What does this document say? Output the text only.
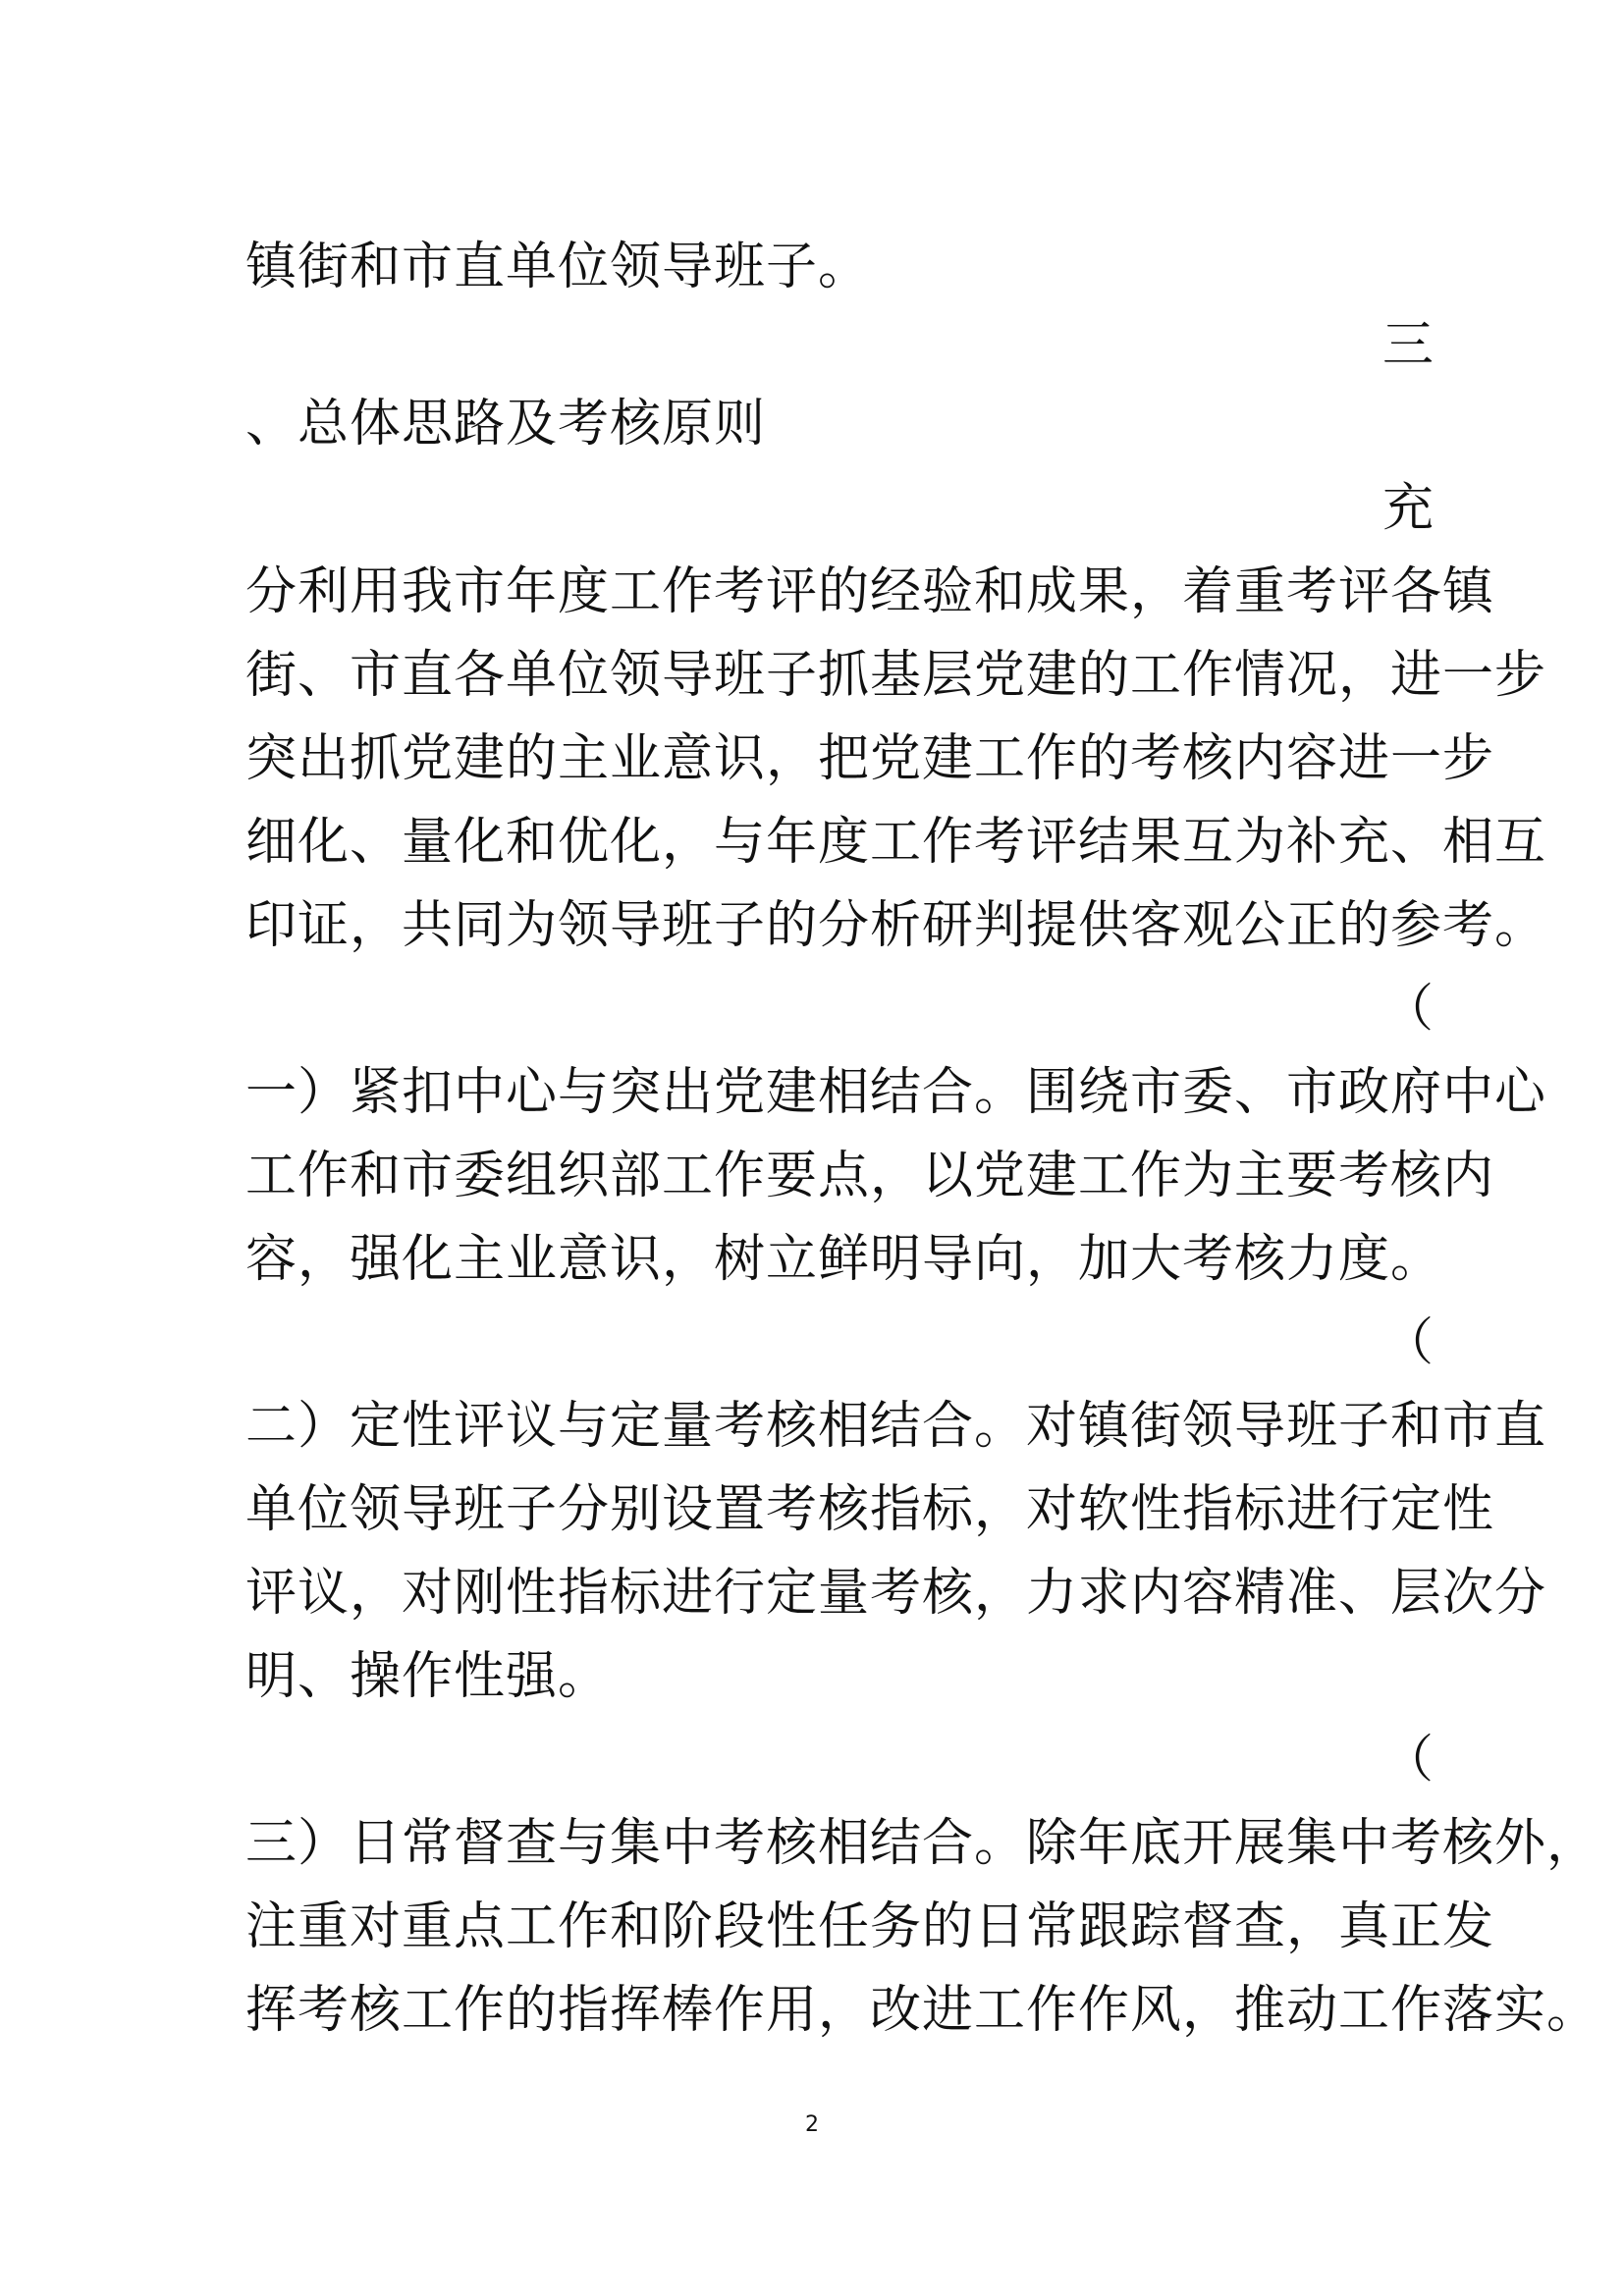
镇街和市直单位领导班子。
三
、总体思路及考核原则
充
分利用我市年度工作考评的经验和成果，着重考评各镇
街、市直各单位领导班子抓基层党建的工作情况，进一步
突出抓党建的主业意识，把党建工作的考核内容进一步
细化、量化和优化，与年度工作考评结果互为补充、相互
印证，共同为领导班子的分析研判提供客观公正的参考。
（
一）紧扣中心与突出党建相结合。围绕市委、市政府中心
工作和市委组织部工作要点，以党建工作为主要考核内
容，强化主业意识，树立鲜明导向，加大考核力度。
（
二）定性评议与定量考核相结合。对镇街领导班子和市直
单位领导班子分别设置考核指标，对软性指标进行定性
评议，对刚性指标进行定量考核，力求内容精准、层次分
明、操作性强。
（
三）日常督查与集中考核相结合。除年底开展集中考核外，
注重对重点工作和阶段性任务的日常跟踪督查，真正发
挥考核工作的指挥棒作用，改进工作作风，推动工作落实。
2
